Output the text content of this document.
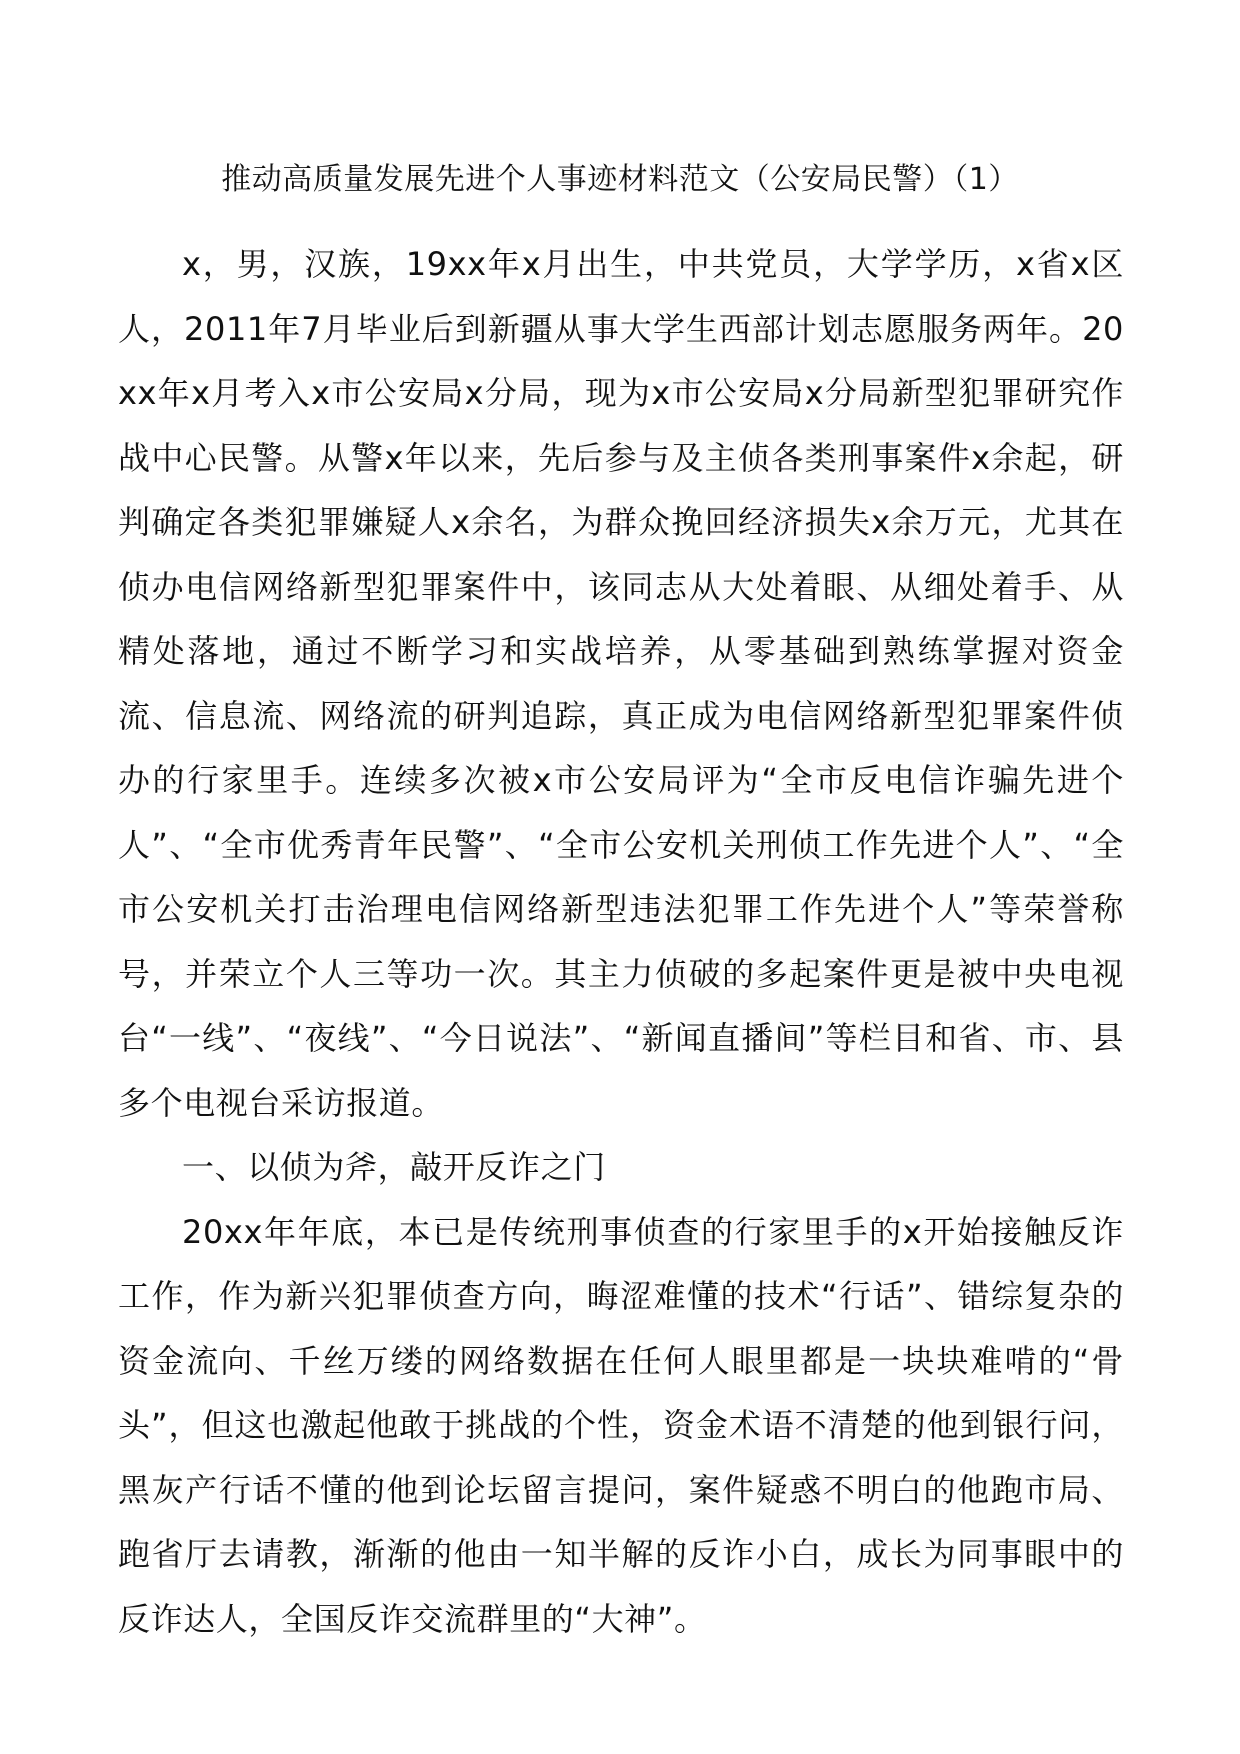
推动高质量发展先进个人事迹材料范文（公安局民警）（1）

x，男，汉族，19xx年x月出生，中共党员，大学学历，x省x区人，2011年7月毕业后到新疆从事大学生西部计划志愿服务两年。20xx年x月考入x市公安局x分局，现为x市公安局x分局新型犯罪研究作战中心民警。从警x年以来，先后参与及主侦各类刑事案件x余起，研判确定各类犯罪嫌疑人x余名，为群众挽回经济损失x余万元，尤其在侦办电信网络新型犯罪案件中，该同志从大处着眼、从细处着手、从精处落地，通过不断学习和实战培养，从零基础到熟练掌握对资金流、信息流、网络流的研判追踪，真正成为电信网络新型犯罪案件侦办的行家里手。连续多次被x市公安局评为“全市反电信诈骗先进个人”、“全市优秀青年民警”、“全市公安机关刑侦工作先进个人”、“全市公安机关打击治理电信网络新型违法犯罪工作先进个人”等荣誉称号，并荣立个人三等功一次。其主力侦破的多起案件更是被中央电视台“一线”、“夜线”、“今日说法”、“新闻直播间”等栏目和省、市、县多个电视台采访报道。

一、以侦为斧，敲开反诈之门

20xx年年底，本已是传统刑事侦查的行家里手的x开始接触反诈工作，作为新兴犯罪侦查方向，晦涩难懂的技术“行话”、错综复杂的资金流向、千丝万缕的网络数据在任何人眼里都是一块块难啃的“骨头”，但这也激起他敢于挑战的个性，资金术语不清楚的他到银行问，黑灰产行话不懂的他到论坛留言提问，案件疑惑不明白的他跑市局、跑省厅去请教，渐渐的他由一知半解的反诈小白，成长为同事眼中的反诈达人，全国反诈交流群里的“大神”。
